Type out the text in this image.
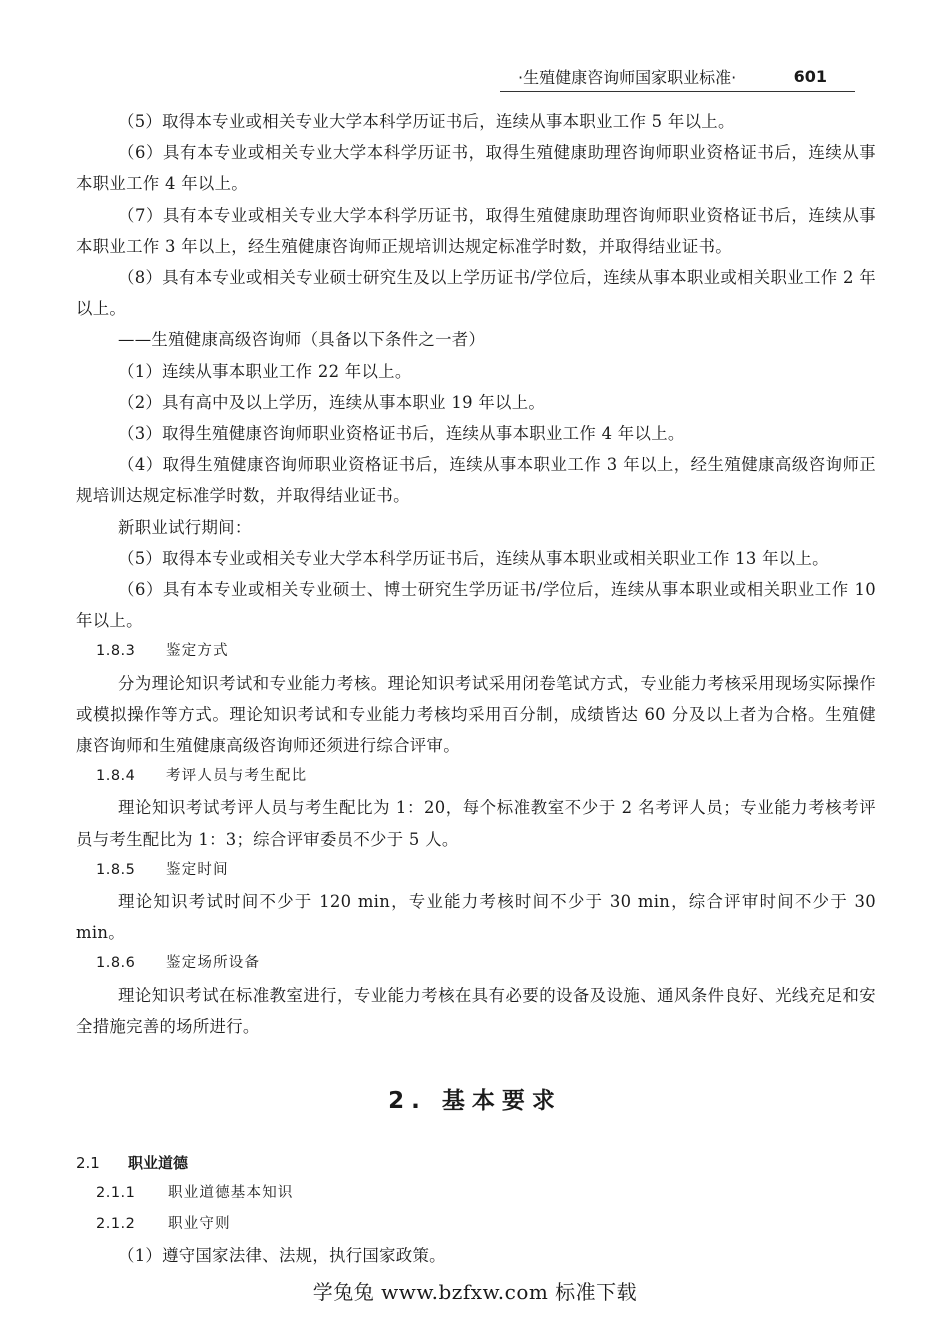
·生殖健康咨询师国家职业标准·	601

（5）取得本专业或相关专业大学本科学历证书后，连续从事本职业工作 5 年以上。

（6）具有本专业或相关专业大学本科学历证书，取得生殖健康助理咨询师职业资格证书后，连续从事本职业工作 4 年以上。

（7）具有本专业或相关专业大学本科学历证书，取得生殖健康助理咨询师职业资格证书后，连续从事本职业工作 3 年以上，经生殖健康咨询师正规培训达规定标准学时数，并取得结业证书。

（8）具有本专业或相关专业硕士研究生及以上学历证书/学位后，连续从事本职业或相关职业工作 2 年以上。

——生殖健康高级咨询师（具备以下条件之一者）

（1）连续从事本职业工作 22 年以上。

（2）具有高中及以上学历，连续从事本职业 19 年以上。

（3）取得生殖健康咨询师职业资格证书后，连续从事本职业工作 4 年以上。

（4）取得生殖健康咨询师职业资格证书后，连续从事本职业工作 3 年以上，经生殖健康高级咨询师正规培训达规定标准学时数，并取得结业证书。

新职业试行期间：

（5）取得本专业或相关专业大学本科学历证书后，连续从事本职业或相关职业工作 13 年以上。

（6）具有本专业或相关专业硕士、博士研究生学历证书/学位后，连续从事本职业或相关职业工作 10 年以上。

1.8.3 鉴定方式

分为理论知识考试和专业能力考核。理论知识考试采用闭卷笔试方式，专业能力考核采用现场实际操作或模拟操作等方式。理论知识考试和专业能力考核均采用百分制，成绩皆达 60 分及以上者为合格。生殖健康咨询师和生殖健康高级咨询师还须进行综合评审。

1.8.4 考评人员与考生配比

理论知识考试考评人员与考生配比为 1：20，每个标准教室不少于 2 名考评人员；专业能力考核考评员与考生配比为 1：3；综合评审委员不少于 5 人。

1.8.5 鉴定时间

理论知识考试时间不少于 120 min，专业能力考核时间不少于 30 min，综合评审时间不少于 30 min。

1.8.6 鉴定场所设备

理论知识考试在标准教室进行，专业能力考核在具有必要的设备及设施、通风条件良好、光线充足和安全措施完善的场所进行。

2. 基本要求
2.1 职业道德
2.1.1 职业道德基本知识
2.1.2 职业守则

（1）遵守国家法律、法规，执行国家政策。

学兔兔 www.bzfxw.com 标准下载
